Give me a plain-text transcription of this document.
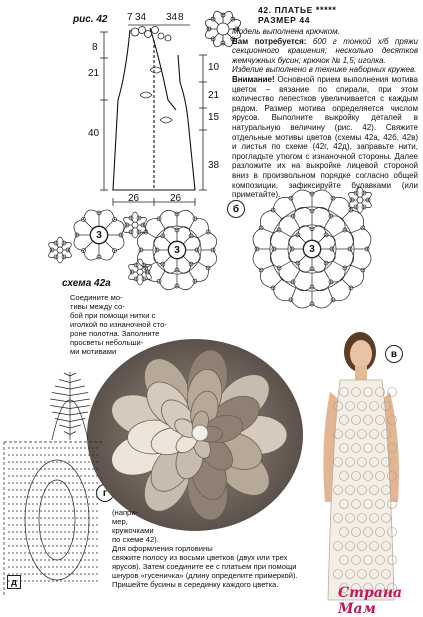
рис. 42 7 34 34 8
8
21
40
10
21
15
38
26	26
42. ПЛАТЬЕ *****
РАЗМЕР 44
Модель выполнена крючком.
Вам потребуется: 600 г тонкой х/б пряжи секционного крашения; несколько десятков жемчужных бусин; крючок № 1,5; иголка.
Изделие выполнено в технике наборных кружев.
Внимание! Основной прием выполнения мотива цветок – вязание по спирали, при этом количество лепестков увеличивается с каждым рядом. Размер мотива определяется числом ярусов. Выполните выкройку деталей в натуральную величину (рис. 42). Свяжите отдельные мотивы цветов (схемы 42а, 42б, 42в) и листья по схеме (42г, 42д), заправьте нити, прогладьте утюгом с изнаночной стороны. Далее разложите их на выкройке лицевой стороной вниз в произвольном порядке согласно общей композиции, зафиксируйте булавками (или приметайте).
3
3	3
б
в
г
д
схема 42а
Соедините мо-
тивы между со-
бой при помощи нитки с
иголкой по изнаночной сто-
роне полотна. Заполните
просветы небольши-
ми мотивами
(напри-
мер,
кружочками
по схеме 42).
Для оформления горловины
свяжите полосу из восьми цветков (двух или трех
ярусов). Затем соедините ее с платьем при помощи
шнуров «гусеничка» (длину определите примеркой).
Пришейте бусины в серединку каждого цветка.
Страна Мам
